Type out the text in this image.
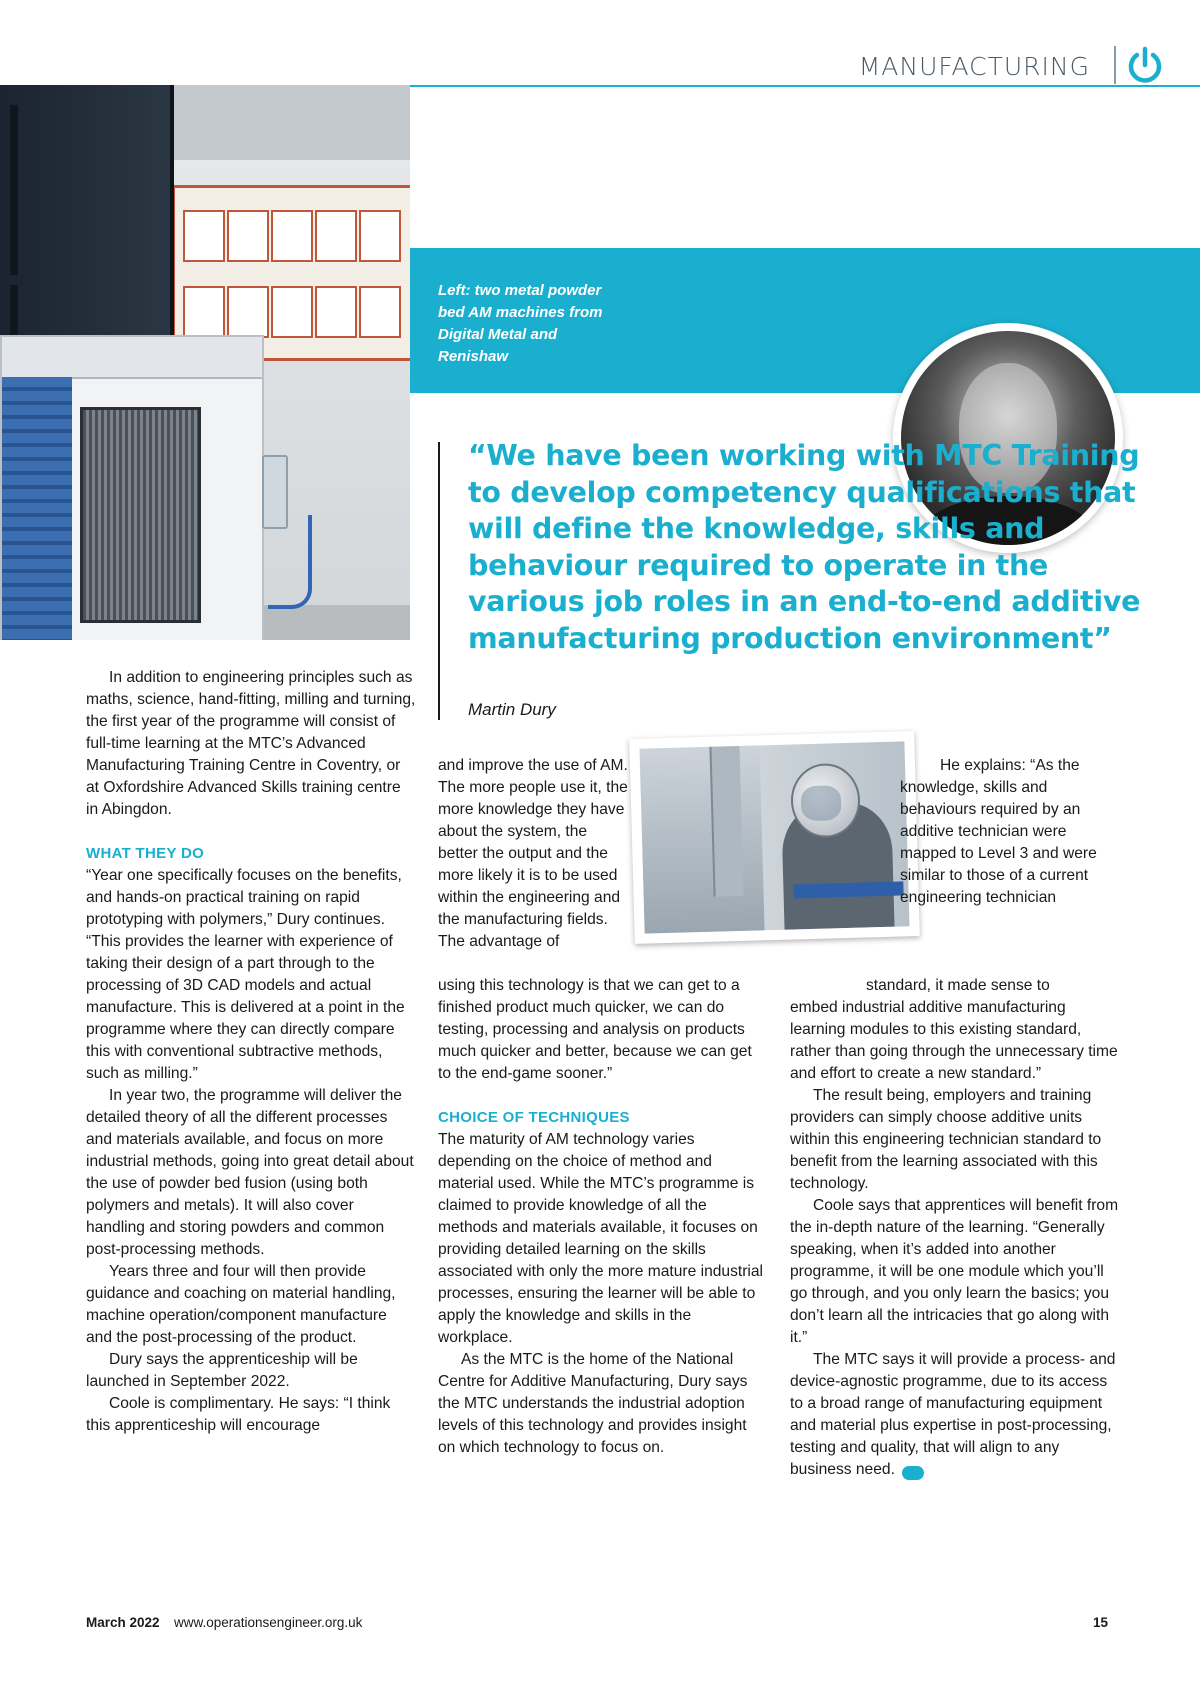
MANUFACTURING
Left: two metal powder bed AM machines from Digital Metal and Renishaw
“We have been working with MTC Training to develop competency qualifications that will define the knowledge, skills and behaviour required to operate in the various job roles in an end-to-end additive manufacturing production environment”
Martin Dury

In addition to engineering principles such as maths, science, hand-fitting, milling and turning, the first year of the programme will consist of full-time learning at the MTC’s Advanced Manufacturing Training Centre in Coventry, or at Oxfordshire Advanced Skills training centre in Abingdon.

WHAT THEY DO

“Year one specifically focuses on the benefits, and hands-on practical training on rapid prototyping with polymers,” Dury continues. “This provides the learner with experience of taking their design of a part through to the processing of 3D CAD models and actual manufacture. This is delivered at a point in the programme where they can directly compare this with conventional subtractive methods, such as milling.”

In year two, the programme will deliver the detailed theory of all the different processes and materials available, and focus on more industrial methods, going into great detail about the use of powder bed fusion (using both polymers and metals). It will also cover handling and storing powders and common post-processing methods.

Years three and four will then provide guidance and coaching on material handling, machine operation/component manufacture and the post-processing of the product.

Dury says the apprenticeship will be launched in September 2022.

Coole is complimentary. He says: “I think this apprenticeship will encourage

and improve the use of AM. The more people use it, the more knowledge they have about the system, the better the output and the more likely it is to be used within the engineering and the manufacturing fields. The advantage of

using this technology is that we can get to a finished product much quicker, we can do testing, processing and analysis on products much quicker and better, because we can get to the end-game sooner.”

CHOICE OF TECHNIQUES

The maturity of AM technology varies depending on the choice of method and material used. While the MTC’s programme is claimed to provide knowledge of all the methods and materials available, it focuses on providing detailed learning on the skills associated with only the more mature industrial processes, ensuring the learner will be able to apply the knowledge and skills in the workplace.

As the MTC is the home of the National Centre for Additive Manufacturing, Dury says the MTC understands the industrial adoption levels of this technology and provides insight on which technology to focus on.

He explains: “As the knowledge, skills and behaviours required by an additive technician were mapped to Level 3 and were similar to those of a current engineering technician

standard, it made sense to

embed industrial additive manufacturing learning modules to this existing standard, rather than going through the unnecessary time and effort to create a new standard.”

The result being, employers and training providers can simply choose additive units within this engineering technician standard to benefit from the learning associated with this technology.

Coole says that apprentices will benefit from the in-depth nature of the learning. “Generally speaking, when it’s added into another programme, it will be one module which you’ll go through, and you only learn the basics; you don’t learn all the intricacies that go along with it.”

The MTC says it will provide a process- and device-agnostic programme, due to its access to a broad range of manufacturing equipment and material plus expertise in post-processing, testing and quality, that will align to any business need.	oe

March 2022 www.operationsengineer.org.uk	15
